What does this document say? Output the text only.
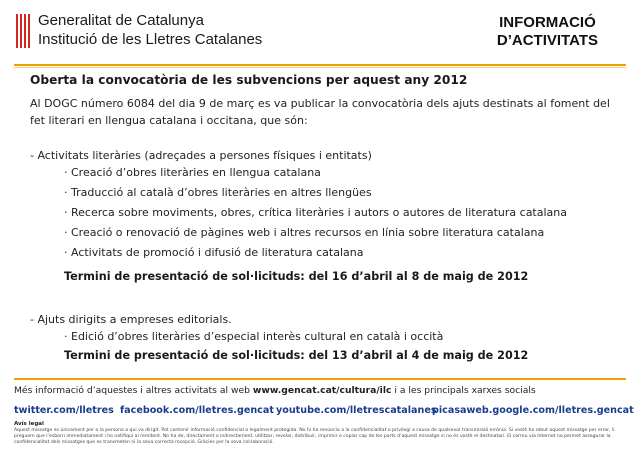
Generalitat de Catalunya
Institució de les Lletres Catalanes
INFORMACIÓ
D’ACTIVITATS
Oberta la convocatòria de les subvencions per aquest any 2012
Al DOGC número 6084 del dia 9 de març es va publicar la convocatòria dels ajuts destinats al foment del fet literari en llengua catalana i occitana, que són:
- Activitats literàries (adreçades a persones físiques i entitats)
· Creació d’obres literàries en llengua catalana
· Traducció al català d’obres literàries en altres llengües
· Recerca sobre moviments, obres, crítica literàries i autors o autores de literatura catalana
· Creació o renovació de pàgines web i altres recursos en línia sobre literatura catalana
· Activitats de promoció i difusió de literatura catalana
Termini de presentació de sol·licituds: del 16 d’abril al 8 de maig de 2012
- Ajuts dirigits a empreses editorials.
· Edició d’obres literàries d’especial interès cultural en català i occità
Termini de presentació de sol·licituds: del 13 d’abril al 4 de maig de 2012
Més informació d’aquestes i altres activitats al web www.gencat.cat/cultura/ilc i a les principals xarxes socials
twitter.com/lletres facebook.com/lletres.gencat youtube.com/lletrescatalanes
picasaweb.google.com/lletres.gencat
Avís legal
Aquest missatge es únicament per a la persona a qui va dirigit. Pot contenir informació confidencial o legalment protegida. No hi ha renúncia a la confidencialitat o privilegi a causa de qualsevol transmissió errònia. Si vostè ha rebut aquest missatge per error, li preguem que l’esborri immediatament i ho notifiqui al remitent. No ha de, directament o indirectament, utilitzar, revelar, distribuir, imprimir o copiar cap de les parts d’aquest missatge si no és vostè el destinatari. El correu via Internet no permet assegurar la confidencialitat dels missatges que es transmeten ni la seva correcta recepció. Gràcies per la seva col·laboració.
